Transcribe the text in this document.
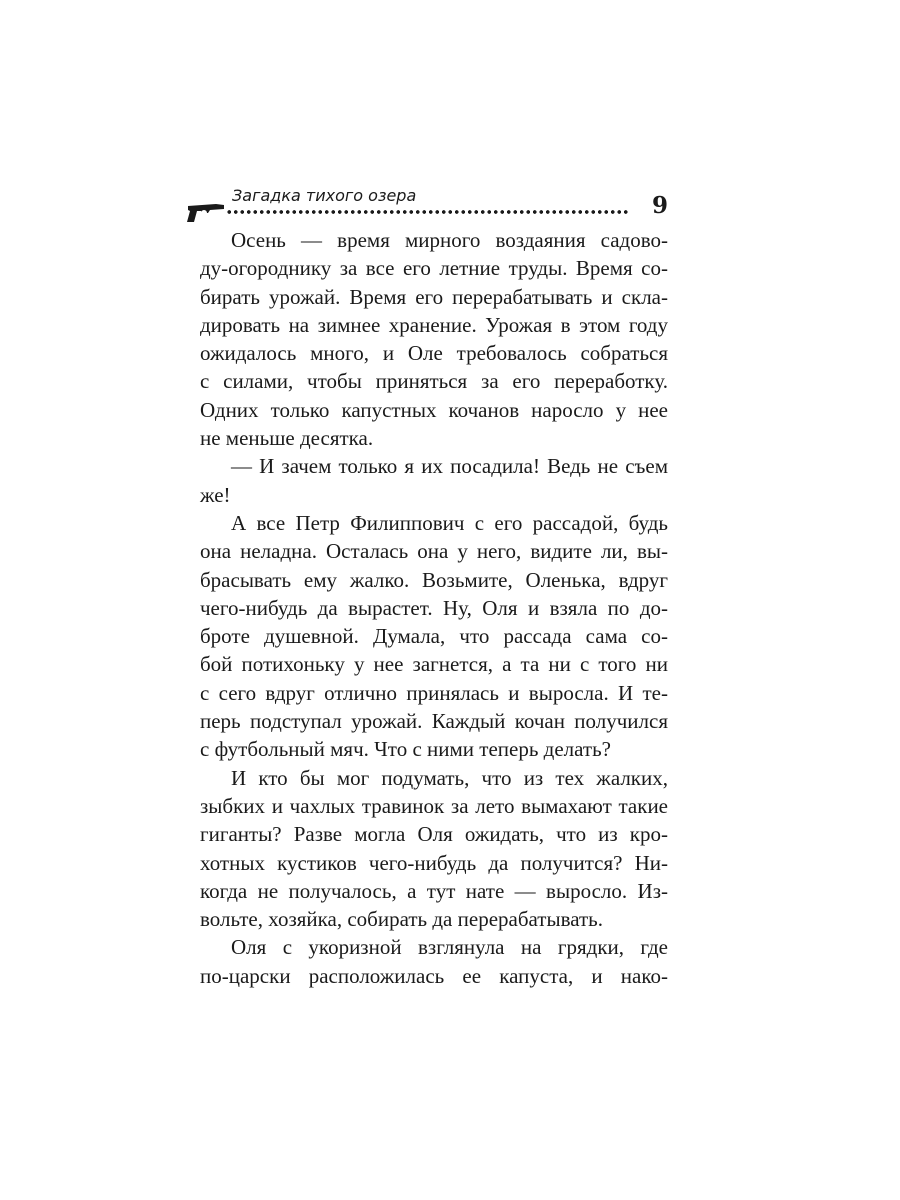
Загадка тихого озера	9
Осень — время мирного воздаяния садово-
ду-огороднику за все его летние труды. Время со-
бирать урожай. Время его перерабатывать и скла-
дировать на зимнее хранение. Урожая в этом году
ожидалось много, и Оле требовалось собраться
с силами, чтобы приняться за его переработку.
Одних только капустных кочанов наросло у нее
не меньше десятка.
— И зачем только я их посадила! Ведь не съем
же!
А все Петр Филиппович с его рассадой, будь
она неладна. Осталась она у него, видите ли, вы-
брасывать ему жалко. Возьмите, Оленька, вдруг
чего-нибудь да вырастет. Ну, Оля и взяла по до-
броте душевной. Думала, что рассада сама со-
бой потихоньку у нее загнется, а та ни с того ни
с сего вдруг отлично принялась и выросла. И те-
перь подступал урожай. Каждый кочан получился
с футбольный мяч. Что с ними теперь делать?
И кто бы мог подумать, что из тех жалких,
зыбких и чахлых травинок за лето вымахают такие
гиганты? Разве могла Оля ожидать, что из кро-
хотных кустиков чего-нибудь да получится? Ни-
когда не получалось, а тут нате — выросло. Из-
вольте, хозяйка, собирать да перерабатывать.
Оля с укоризной взглянула на грядки, где
по-царски расположилась ее капуста, и нако-
